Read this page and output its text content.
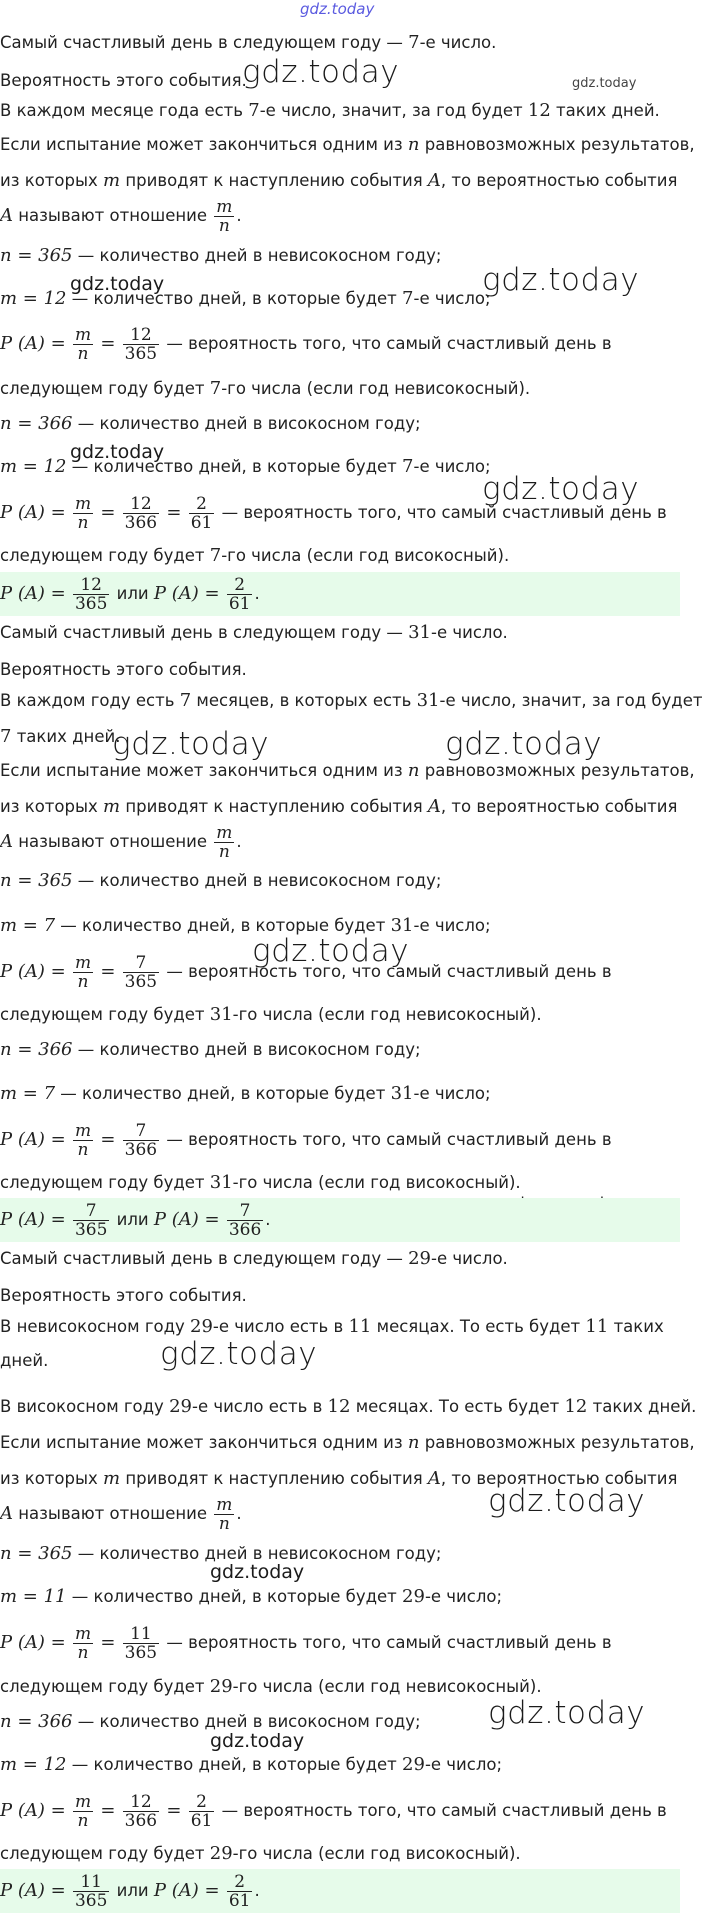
gdz.today
gdz.today	gdz.today
gdz.today	gdz.today
gdz.today
gdz.today
gdz.today	gdz.today
gdz.today
gdz.today
gdz.today
gdz.today
gdz.today
gdz.today
Самый счастливый день в следующем году — 7-е число.
Вероятность этого события.
В каждом месяце года есть 7-е число, значит, за год будет 12 таких дней.
Если испытание может закончиться одним из n равновозможных результатов,
из которых m приводят к наступлению события A, то вероятностью события
A называют отношение $\frac{m}{n}$ .
n = 365 — количество дней в невисокосном году;
m = 12 — количество дней, в которые будет 7-е число;
P $(A) = \frac{m}{n} = \frac{12}{365}$ — вероятность того, что самый счастливый день в
следующем году будет 7-го числа (если год невисокосный).
n = 366 — количество дней в високосном году;
m = 12 — количество дней, в которые будет 7-е число;
P $(A) = \frac{m}{n} = \frac{12}{366} = \frac{2}{61}$ — вероятность того, что самый счастливый день в
следующем году будет 7-го числа (если год високосный).
P $(A) = \frac{12}{365}$ или P $(A) = \frac{2}{61}$ .
Самый счастливый день в следующем году — 31-е число.
Вероятность этого события.
В каждом году есть 7 месяцев, в которых есть 31-е число, значит, за год будет
7 таких дней.
Если испытание может закончиться одним из n равновозможных результатов,
из которых m приводят к наступлению события A, то вероятностью события
A называют отношение $\frac{m}{n}$ .
n = 365 — количество дней в невисокосном году;
m = 7 — количество дней, в которые будет 31-е число;
P $(A) = \frac{m}{n} = \frac{7}{365}$ — вероятность того, что самый счастливый день в
следующем году будет 31-го числа (если год невисокосный).
n = 366 — количество дней в високосном году;
m = 7 — количество дней, в которые будет 31-е число;
P $(A) = \frac{m}{n} = \frac{7}{366}$ — вероятность того, что самый счастливый день в
следующем году будет 31-го числа (если год високосный).
P $(A) = \frac{7}{365}$ или P $(A) = \frac{7}{366}$ .
Самый счастливый день в следующем году — 29-е число.
Вероятность этого события.
В невисокосном году 29-е число есть в 11 месяцах. То есть будет 11 таких
дней.
В високосном году 29-е число есть в 12 месяцах. То есть будет 12 таких дней.
Если испытание может закончиться одним из n равновозможных результатов,
из которых m приводят к наступлению события A, то вероятностью события
A называют отношение $\frac{m}{n}$ .
n = 365 — количество дней в невисокосном году;
m = 11 — количество дней, в которые будет 29-е число;
P $(A) = \frac{m}{n} = \frac{11}{365}$ — вероятность того, что самый счастливый день в
следующем году будет 29-го числа (если год невисокосный).
n = 366 — количество дней в високосном году;
m = 12 — количество дней, в которые будет 29-е число;
P $(A) = \frac{m}{n} = \frac{12}{366} = \frac{2}{61}$ — вероятность того, что самый счастливый день в
следующем году будет 29-го числа (если год високосный).
P $(A) = \frac{11}{365}$ или P $(A) = \frac{2}{61}$ .
